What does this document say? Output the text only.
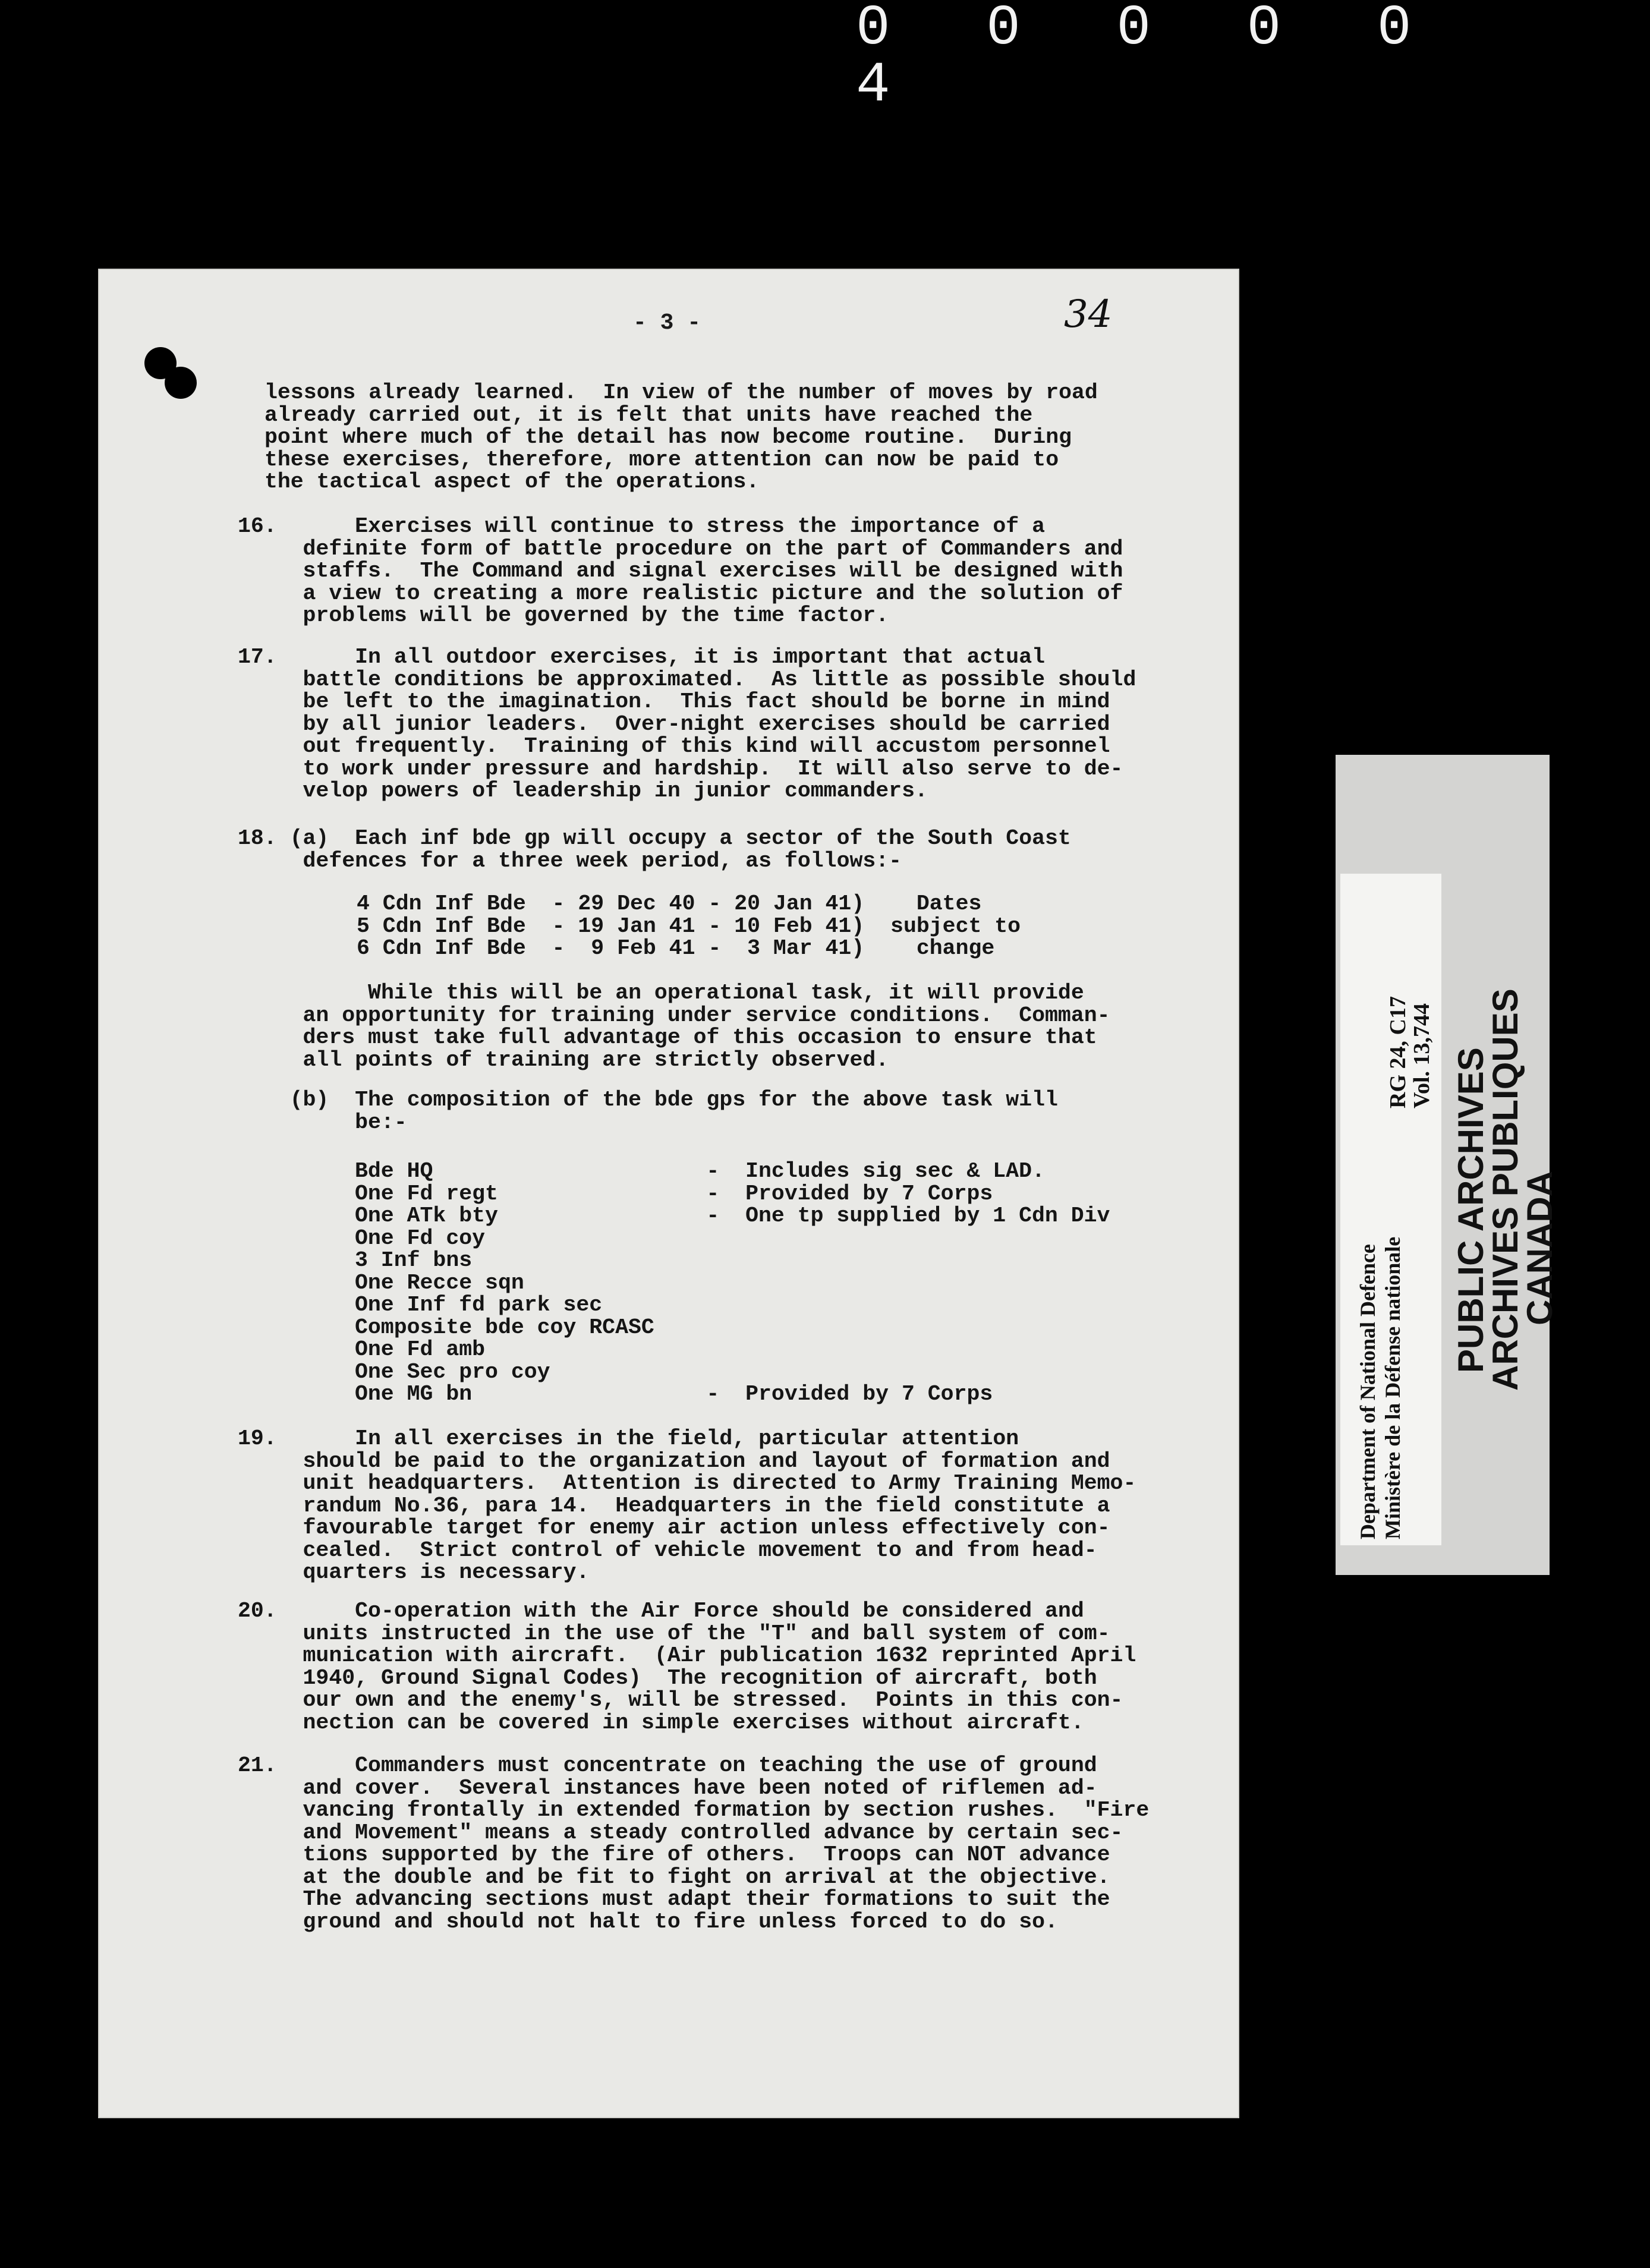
0 0 0 0 0 4
- 3 -	34
lessons already learned.  In view of the number of moves by road
already carried out, it is felt that units have reached the
point where much of the detail has now become routine.  During
these exercises, therefore, more attention can now be paid to
the tactical aspect of the operations.
16.      Exercises will continue to stress the importance of a
definite form of battle procedure on the part of Commanders and
staffs.  The Command and signal exercises will be designed with
a view to creating a more realistic picture and the solution of
problems will be governed by the time factor.
17.      In all outdoor exercises, it is important that actual
battle conditions be approximated.  As little as possible should
be left to the imagination.  This fact should be borne in mind
by all junior leaders.  Over-night exercises should be carried
out frequently.  Training of this kind will accustom personnel
to work under pressure and hardship.  It will also serve to de-
velop powers of leadership in junior commanders.
18. (a)  Each inf bde gp will occupy a sector of the South Coast
defences for a three week period, as follows:-
4 Cdn Inf Bde  - 29 Dec 40 - 20 Jan 41)    Dates
5 Cdn Inf Bde  - 19 Jan 41 - 10 Feb 41)  subject to
6 Cdn Inf Bde  -  9 Feb 41 -  3 Mar 41)    change
While this will be an operational task, it will provide
an opportunity for training under service conditions.  Comman-
ders must take full advantage of this occasion to ensure that
all points of training are strictly observed.
(b)  The composition of the bde gps for the above task will
be:-
Bde HQ                     -  Includes sig sec & LAD.
One Fd regt                -  Provided by 7 Corps
One ATk bty                -  One tp supplied by 1 Cdn Div
One Fd coy
3 Inf bns
One Recce sqn
One Inf fd park sec
Composite bde coy RCASC
One Fd amb
One Sec pro coy
One MG bn                  -  Provided by 7 Corps
19.      In all exercises in the field, particular attention
should be paid to the organization and layout of formation and
unit headquarters.  Attention is directed to Army Training Memo-
randum No.36, para 14.  Headquarters in the field constitute a
favourable target for enemy air action unless effectively con-
cealed.  Strict control of vehicle movement to and from head-
quarters is necessary.
20.      Co-operation with the Air Force should be considered and
units instructed in the use of the "T" and ball system of com-
munication with aircraft.  (Air publication 1632 reprinted April
1940, Ground Signal Codes)  The recognition of aircraft, both
our own and the enemy's, will be stressed.  Points in this con-
nection can be covered in simple exercises without aircraft.
21.      Commanders must concentrate on teaching the use of ground
and cover.  Several instances have been noted of riflemen ad-
vancing frontally in extended formation by section rushes.  "Fire
and Movement" means a steady controlled advance by certain sec-
tions supported by the fire of others.  Troops can NOT advance
at the double and be fit to fight on arrival at the objective.
The advancing sections must adapt their formations to suit the
ground and should not halt to fire unless forced to do so.
RG 24, C17
Vol. 13,744
Department of National Defence Ministère de la Défense nationale
PUBLIC ARCHIVES
ARCHIVES PUBLIQUES
CANADA
